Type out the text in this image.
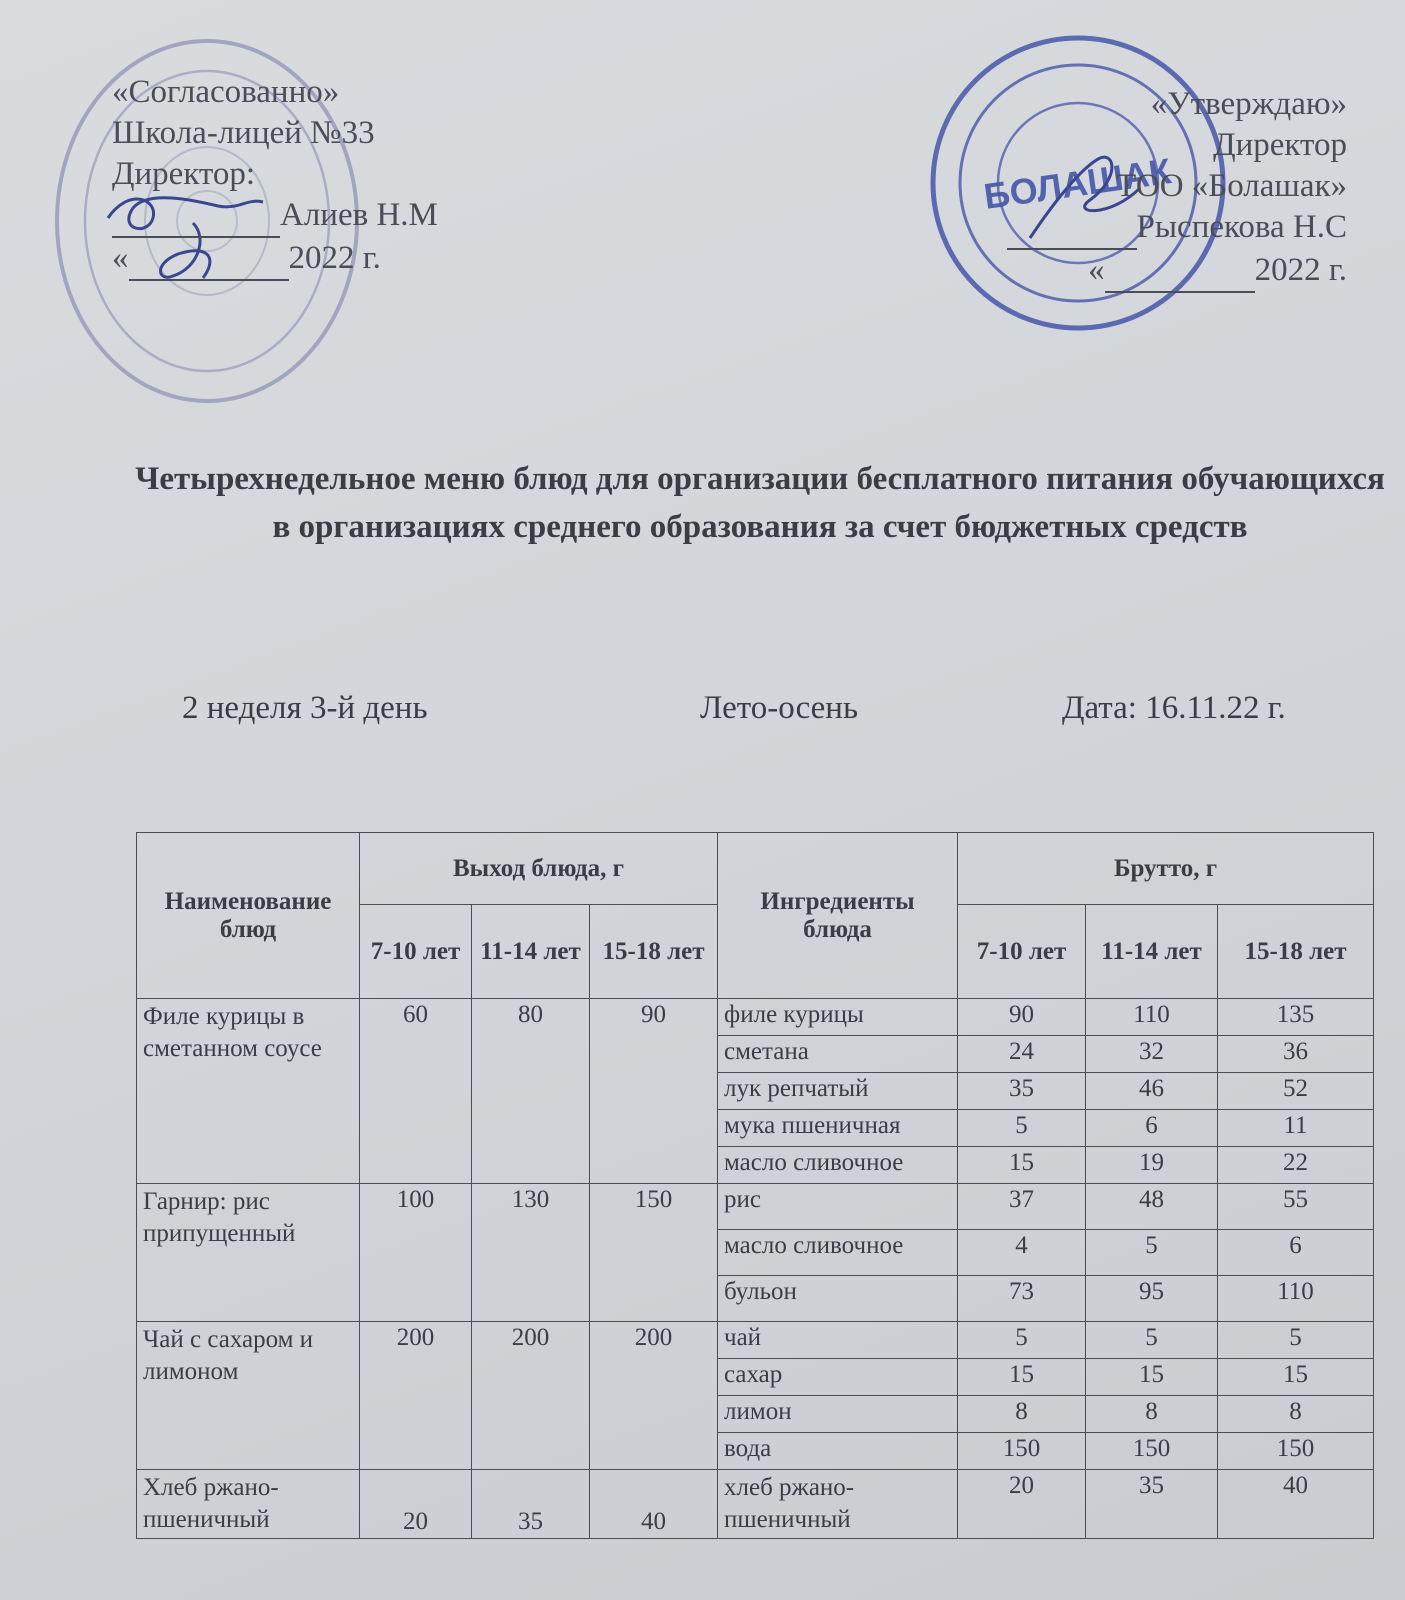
«Согласованно»
Школа-лицей №33
Директор:
Алиев Н.М
«	2022 г.
БОЛАШАК
«Утверждаю»
Директор
ТОО «Болашак»
Рыспекова Н.С
«	2022 г.
Четырехнедельное меню блюд для организации бесплатного питания обучающихся в организациях среднего образования за счет бюджетных средств
2 неделя 3-й день	Лето-осень	Дата: 16.11.22 г.
Наименование блюд	Выход блюда, г			Ингредиенты блюда	Брутто, г		
	7-10 лет	11-14 лет	15-18 лет		7-10 лет	11-14 лет	15-18 лет
Филе курицы в сметанном соусе	60	80	90	филе курицы	90	110	135
				сметана	24	32	36
				лук репчатый	35	46	52
				мука пшеничная	5	6	11
				масло сливочное	15	19	22
Гарнир: рис припущенный	100	130	150	рис	37	48	55
				масло сливочное	4	5	6
				бульон	73	95	110
Чай с сахаром и лимоном	200	200	200	чай	5	5	5
				сахар	15	15	15
				лимон	8	8	8
				вода	150	150	150
Хлеб ржано-пшеничный	20	35	40	хлеб ржано-пшеничный	20	35	40
